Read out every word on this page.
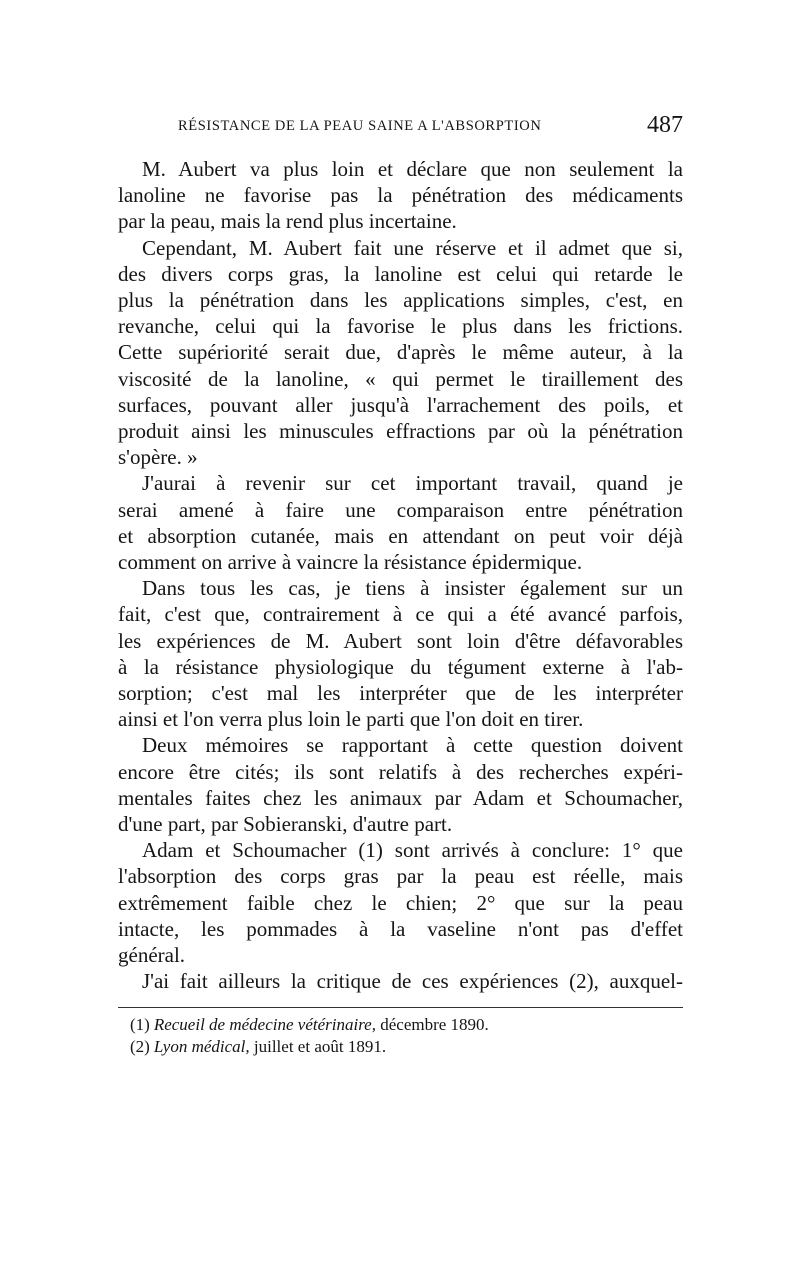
RÉSISTANCE DE LA PEAU SAINE A L'ABSORPTION	487
M. Aubert va plus loin et déclare que non seulement la
lanoline ne favorise pas la pénétration des médicaments
par la peau, mais la rend plus incertaine.
Cependant, M. Aubert fait une réserve et il admet que si,
des divers corps gras, la lanoline est celui qui retarde le
plus la pénétration dans les applications simples, c'est, en
revanche, celui qui la favorise le plus dans les frictions.
Cette supériorité serait due, d'après le même auteur, à la
viscosité de la lanoline, « qui permet le tiraillement des
surfaces, pouvant aller jusqu'à l'arrachement des poils, et
produit ainsi les minuscules effractions par où la pénétration
s'opère. »
J'aurai à revenir sur cet important travail, quand je
serai amené à faire une comparaison entre pénétration
et absorption cutanée, mais en attendant on peut voir déjà
comment on arrive à vaincre la résistance épidermique.
Dans tous les cas, je tiens à insister également sur un
fait, c'est que, contrairement à ce qui a été avancé parfois,
les expériences de M. Aubert sont loin d'être défavorables
à la résistance physiologique du tégument externe à l'ab-
sorption; c'est mal les interpréter que de les interpréter
ainsi et l'on verra plus loin le parti que l'on doit en tirer.
Deux mémoires se rapportant à cette question doivent
encore être cités; ils sont relatifs à des recherches expéri-
mentales faites chez les animaux par Adam et Schoumacher,
d'une part, par Sobieranski, d'autre part.
Adam et Schoumacher (1) sont arrivés à conclure: 1° que
l'absorption des corps gras par la peau est réelle, mais
extrêmement faible chez le chien; 2° que sur la peau
intacte, les pommades à la vaseline n'ont pas d'effet
général.
J'ai fait ailleurs la critique de ces expériences (2), auxquel-
(1) Recueil de médecine vétérinaire, décembre 1890.
(2) Lyon médical, juillet et août 1891.
